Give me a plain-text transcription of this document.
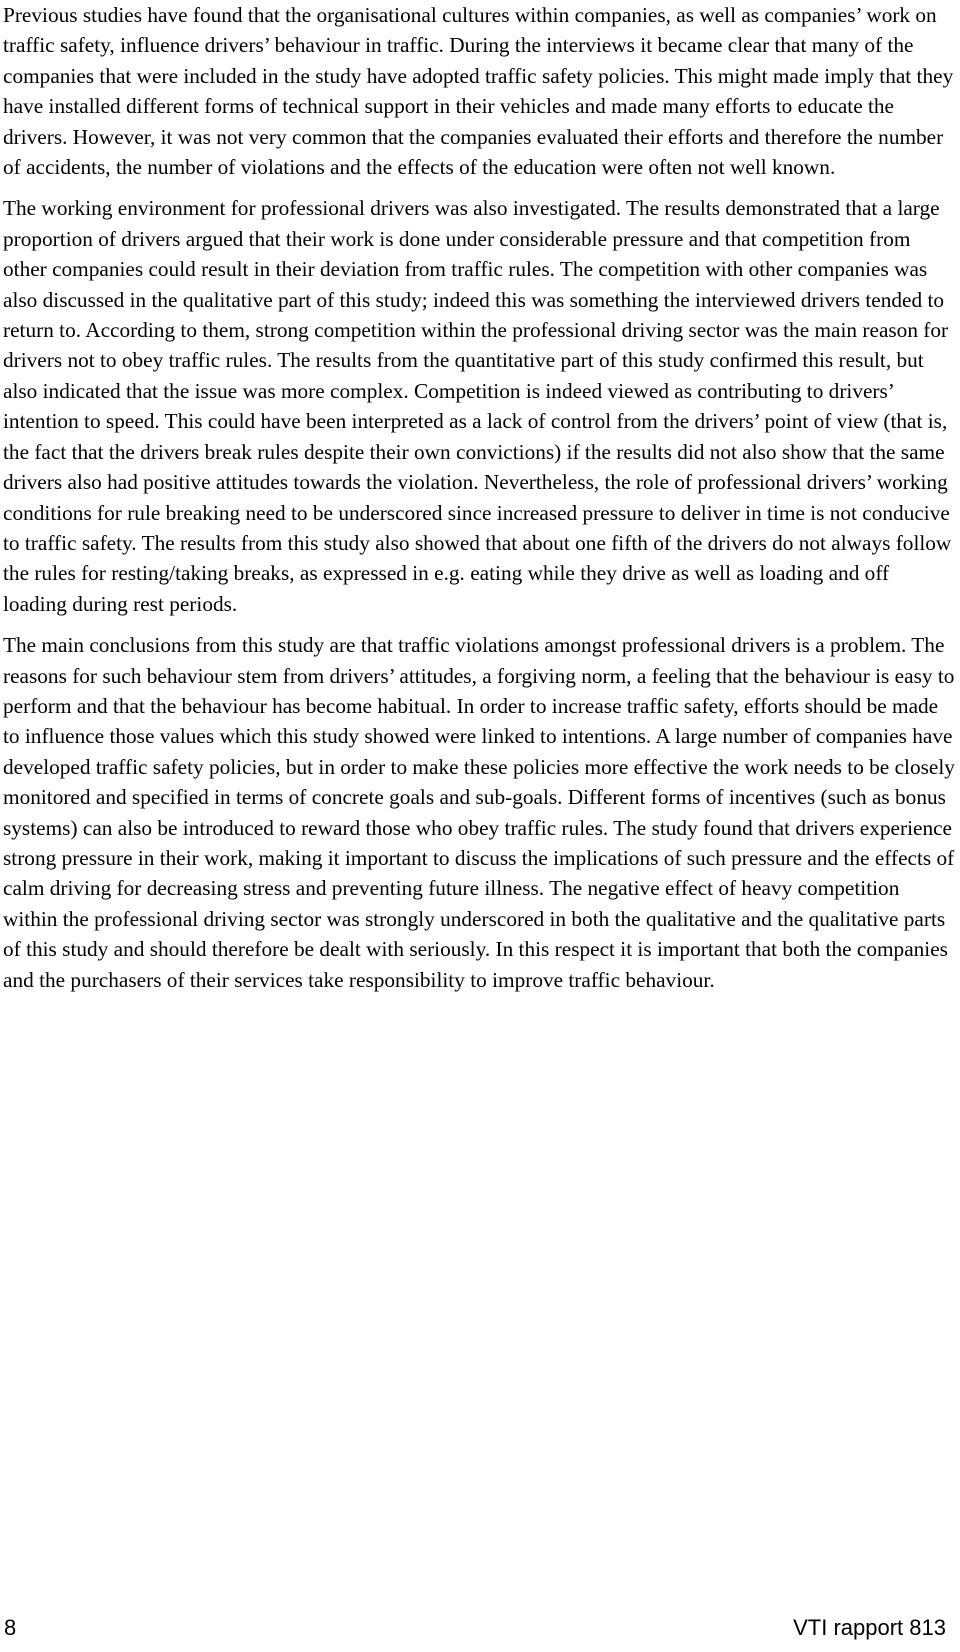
Previous studies have found that the organisational cultures within companies, as well as companies’ work on traffic safety, influence drivers’ behaviour in traffic. During the interviews it became clear that many of the companies that were included in the study have adopted traffic safety policies. This might made imply that they have installed different forms of technical support in their vehicles and made many efforts to educate the drivers. However, it was not very common that the companies evaluated their efforts and therefore the number of accidents, the number of violations and the effects of the education were often not well known.

The working environment for professional drivers was also investigated. The results demonstrated that a large proportion of drivers argued that their work is done under considerable pressure and that competition from other companies could result in their deviation from traffic rules. The competition with other companies was also discussed in the qualitative part of this study; indeed this was something the interviewed drivers tended to return to. According to them, strong competition within the professional driving sector was the main reason for drivers not to obey traffic rules. The results from the quantitative part of this study confirmed this result, but also indicated that the issue was more complex. Competition is indeed viewed as contributing to drivers’ intention to speed. This could have been interpreted as a lack of control from the drivers’ point of view (that is, the fact that the drivers break rules despite their own convictions) if the results did not also show that the same drivers also had positive attitudes towards the violation. Nevertheless, the role of professional drivers’ working conditions for rule breaking need to be underscored since increased pressure to deliver in time is not conducive to traffic safety. The results from this study also showed that about one fifth of the drivers do not always follow the rules for resting/taking breaks, as expressed in e.g. eating while they drive as well as loading and off loading during rest periods.

The main conclusions from this study are that traffic violations amongst professional drivers is a problem. The reasons for such behaviour stem from drivers’ attitudes, a forgiving norm, a feeling that the behaviour is easy to perform and that the behaviour has become habitual. In order to increase traffic safety, efforts should be made to influence those values which this study showed were linked to intentions. A large number of companies have developed traffic safety policies, but in order to make these policies more effective the work needs to be closely monitored and specified in terms of concrete goals and sub-goals. Different forms of incentives (such as bonus systems) can also be introduced to reward those who obey traffic rules. The study found that drivers experience strong pressure in their work, making it important to discuss the implications of such pressure and the effects of calm driving for decreasing stress and preventing future illness. The negative effect of heavy competition within the professional driving sector was strongly underscored in both the qualitative and the qualitative parts of this study and should therefore be dealt with seriously. In this respect it is important that both the companies and the purchasers of their services take responsibility to improve traffic behaviour.

8	VTI rapport 813
